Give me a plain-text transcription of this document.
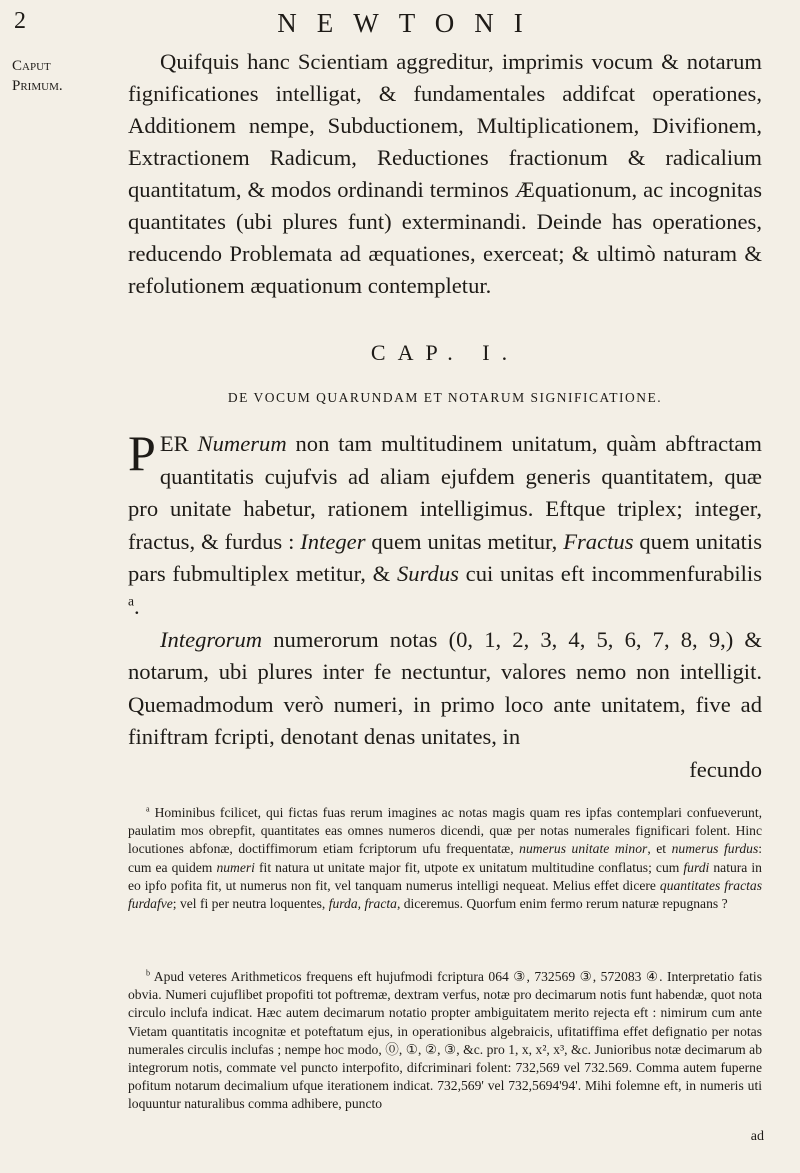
2	NEWTONI
Caput
Primum.
Quifquis hanc Scientiam aggreditur, imprimis vocum & notarum fignificationes intelligat, & fundamentales addifcat operationes, Additionem nempe, Subductionem, Multiplicationem, Divifionem, Extractionem Radicum, Reductiones fractionum & radicalium quantitatum, & modos ordinandi terminos Æquationum, ac incognitas quantitates (ubi plures funt) exterminandi. Deinde has operationes, reducendo Problemata ad æquationes, exerceat; & ultimò naturam & refolutionem æquationum contempletur.
CAP. I.
DE VOCUM QUARUNDAM ET NOTARUM SIGNIFICATIONE.

PER Numerum non tam multitudinem unitatum, quàm abftractam quantitatis cujufvis ad aliam ejufdem generis quantitatem, quæ pro unitate habetur, rationem intelligimus. Eftque triplex; integer, fractus, & furdus : Integer quem unitas metitur, Fractus quem unitatis pars fubmultiplex metitur, & Surdus cui unitas eft incommenfurabilis $^a$.

Integrorum numerorum notas (0, 1, 2, 3, 4, 5, 6, 7, 8, 9,) & notarum, ubi plures inter fe nectuntur, valores nemo non intelligit. Quemadmodum verò numeri, in primo loco ante unitatem, five ad finiftram fcripti, denotant denas unitates, in

fecundo

$^a$ Hominibus fcilicet, qui fictas fuas rerum imagines ac notas magis quam res ipfas contemplari confueverunt, paulatim mos obrepfit, quantitates eas omnes numeros dicendi, quæ per notas numerales fignificari folent. Hinc locutiones abfonæ, doctiffimorum etiam fcriptorum ufu frequentatæ, numerus unitate minor, et numerus furdus: cum ea quidem numeri fit natura ut unitate major fit, utpote ex unitatum multitudine conflatus; cum furdi natura in eo ipfo pofita fit, ut numerus non fit, vel tanquam numerus intelligi nequeat. Melius effet dicere quantitates fractas furdafve; vel fi per neutra loquentes, furda, fracta, diceremus. Quorfum enim fermo rerum naturæ repugnans ?

$^b$ Apud veteres Arithmeticos frequens eft hujufmodi fcriptura 064 ③, 732569 ③, 572083 ④. Interpretatio fatis obvia. Numeri cujuflibet propofiti tot poftremæ, dextram verfus, notæ pro decimarum notis funt habendæ, quot nota circulo inclufa indicat. Hæc autem decimarum notatio propter ambiguitatem merito rejecta eft : nimirum cum ante Vietam quantitatis incognitæ et poteftatum ejus, in operationibus algebraicis, ufitatiffima effet defignatio per notas numerales circulis inclufas ; nempe hoc modo, ⓪, ①, ②, ③, &c. pro 1, x, x², x³, &c. Junioribus notæ decimarum ab integrorum notis, commate vel puncto interpofito, difcriminari folent: 732,569 vel 732.569. Comma autem fuperne pofitum notarum decimalium ufque iterationem indicat. 732,569' vel 732,5694'94'. Mihi folemne eft, in numeris uti loquuntur naturalibus comma adhibere, puncto

ad
